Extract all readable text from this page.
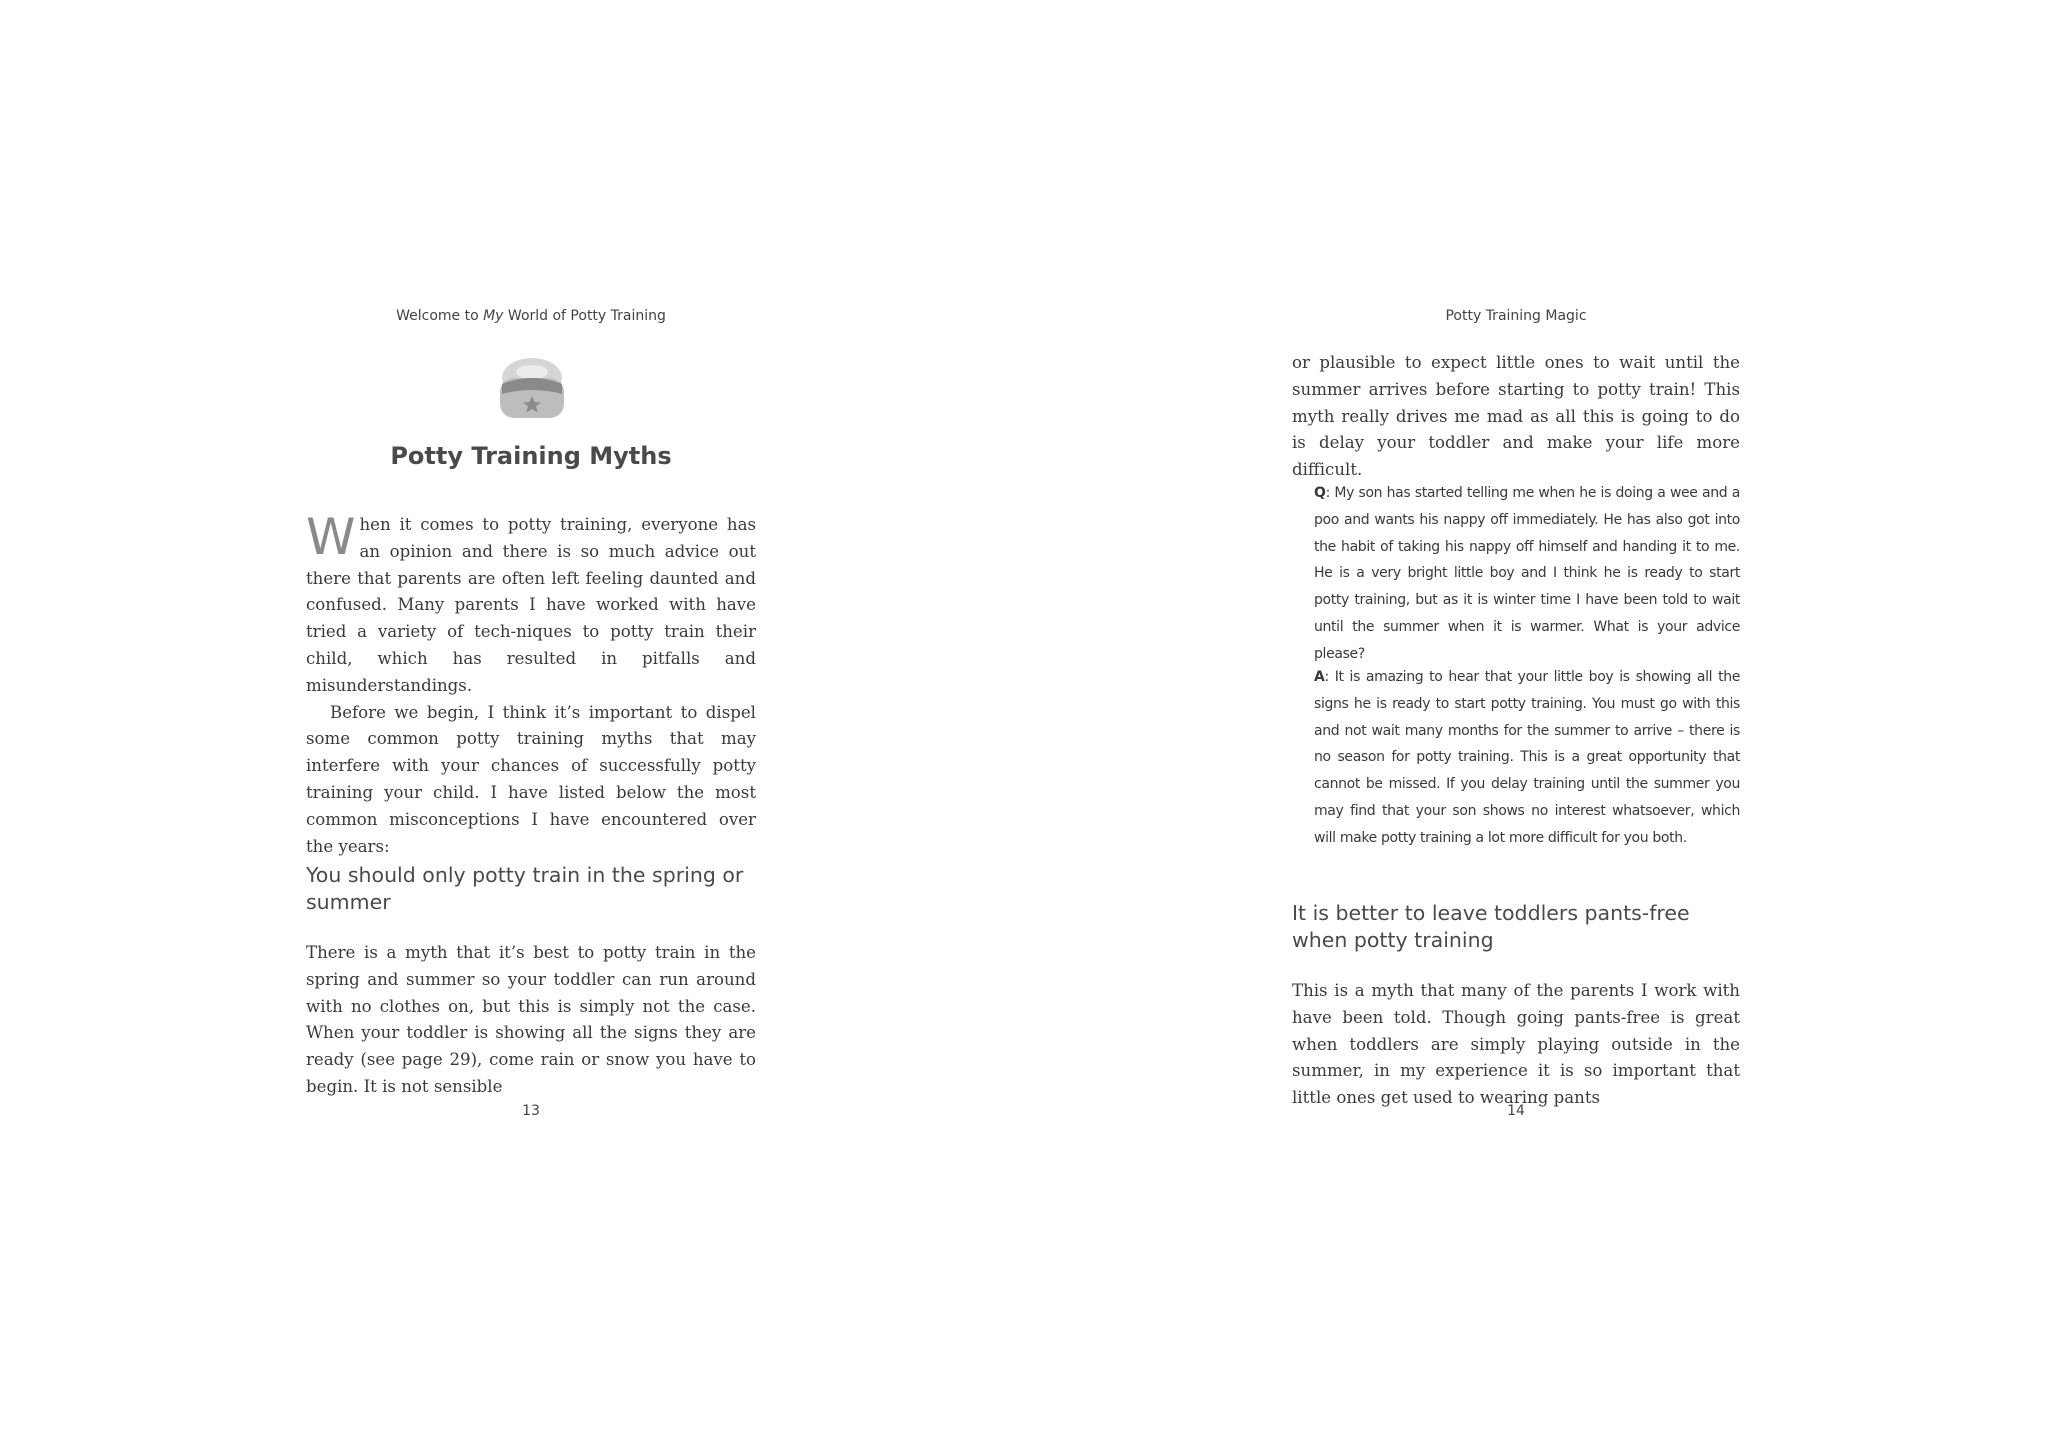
Welcome to My World of Potty Training
Potty Training Myths

When it comes to potty training, everyone has an opinion and there is so much advice out there that parents are often left feeling daunted and confused. Many parents I have worked with have tried a variety of tech-niques to potty train their child, which has resulted in pitfalls and misunderstandings.

Before we begin, I think it’s important to dispel some common potty training myths that may interfere with your chances of successfully potty training your child. I have listed below the most common misconceptions I have encountered over the years:

You should only potty train in the spring or summer

There is a myth that it’s best to potty train in the spring and summer so your toddler can run around with no clothes on, but this is simply not the case. When your toddler is showing all the signs they are ready (see page 29), come rain or snow you have to begin. It is not sensible

13
Potty Training Magic

or plausible to expect little ones to wait until the summer arrives before starting to potty train! This myth really drives me mad as all this is going to do is delay your toddler and make your life more difficult.

Q: My son has started telling me when he is doing a wee and a poo and wants his nappy off immediately. He has also got into the habit of taking his nappy off himself and handing it to me. He is a very bright little boy and I think he is ready to start potty training, but as it is winter time I have been told to wait until the summer when it is warmer. What is your advice please?

A: It is amazing to hear that your little boy is showing all the signs he is ready to start potty training. You must go with this and not wait many months for the summer to arrive – there is no season for potty training. This is a great opportunity that cannot be missed. If you delay training until the summer you may find that your son shows no interest whatsoever, which will make potty training a lot more difficult for you both.

It is better to leave toddlers pants-free when potty training

This is a myth that many of the parents I work with have been told. Though going pants-free is great when toddlers are simply playing outside in the summer, in my experience it is so important that little ones get used to wearing pants

14
